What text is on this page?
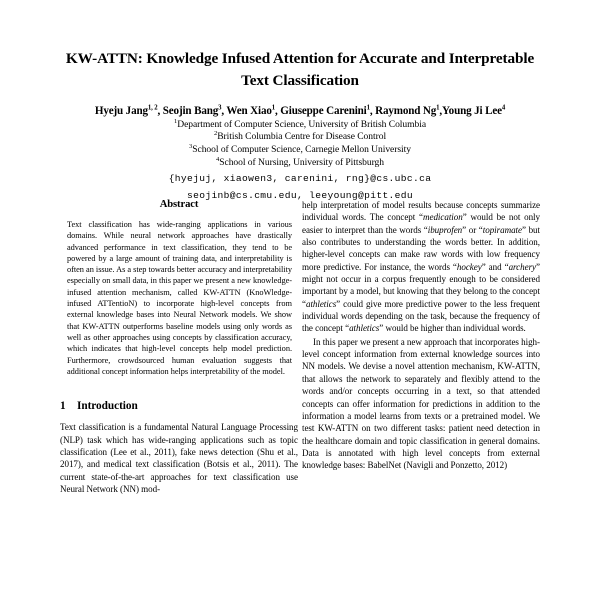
KW-ATTN: Knowledge Infused Attention for Accurate and Interpretable Text Classification
Hyeju Jang$^{1, 2}$, Seojin Bang$^3$, Wen Xiao$^1$, Giuseppe Carenini$^1$, Raymond Ng$^1$,Young Ji Lee$^4$
$^1$Department of Computer Science, University of British Columbia
$^2$British Columbia Centre for Disease Control
$^3$School of Computer Science, Carnegie Mellon University
$^4$School of Nursing, University of Pittsburgh
{hyejuj, xiaowen3, carenini, rng}@cs.ubc.ca
seojinb@cs.cmu.edu, leeyoung@pitt.edu
Abstract

Text classification has wide-ranging applications in various domains. While neural network approaches have drastically advanced performance in text classification, they tend to be powered by a large amount of training data, and interpretability is often an issue. As a step towards better accuracy and interpretability especially on small data, in this paper we present a new knowledge-infused attention mechanism, called KW-ATTN (KnoWledge-infused ATTentioN) to incorporate high-level concepts from external knowledge bases into Neural Network models. We show that KW-ATTN outperforms baseline models using only words as well as other approaches using concepts by classification accuracy, which indicates that high-level concepts help model prediction. Furthermore, crowdsourced human evaluation suggests that additional concept information helps interpretability of the model.

1 Introduction

Text classification is a fundamental Natural Language Processing (NLP) task which has wide-ranging applications such as topic classification (Lee et al., 2011), fake news detection (Shu et al., 2017), and medical text classification (Botsis et al., 2011). The current state-of-the-art approaches for text classification use Neural Network (NN) mod-

help interpretation of model results because concepts summarize individual words. The concept “medication” would be not only easier to interpret than the words “ibuprofen” or “topiramate” but also contributes to understanding the words better. In addition, higher-level concepts can make raw words with low frequency more predictive. For instance, the words “hockey” and “archery” might not occur in a corpus frequently enough to be considered important by a model, but knowing that they belong to the concept “athletics” could give more predictive power to the less frequent individual words depending on the task, because the frequency of the concept “athletics” would be higher than individual words.

In this paper we present a new approach that incorporates high-level concept information from external knowledge sources into NN models. We devise a novel attention mechanism, KW-ATTN, that allows the network to separately and flexibly attend to the words and/or concepts occurring in a text, so that attended concepts can offer information for predictions in addition to the information a model learns from texts or a pretrained model. We test KW-ATTN on two different tasks: patient need detection in the healthcare domain and topic classification in general domains. Data is annotated with high level concepts from external knowledge bases: BabelNet (Navigli and Ponzetto, 2012)
